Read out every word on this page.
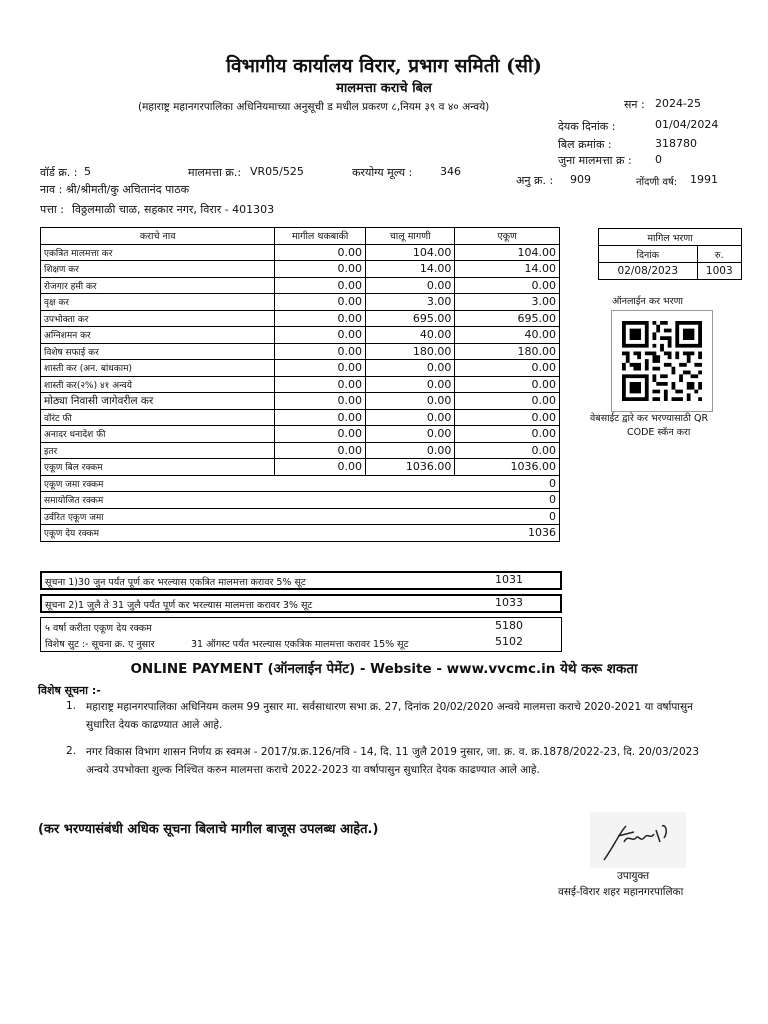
विभागीय कार्यालय विरार, प्रभाग समिती (सी)
मालमत्ता कराचे बिल
(महाराष्ट्र महानगरपालिका अधिनियमाच्या अनुसूची ड मधील प्रकरण ८,नियम ३९ व ४० अन्वये)	सन : 2024-25
देयक दिनांक :	01/04/2024
बिल क्रमांक :	318780
जुना मालमत्ता क्र : 0
वॉर्ड क्र. : 5	मालमत्ता क्र.: VR05/525	करयोग्य मूल्य :	346
अनु क्र. : 909	नोंदणी वर्ष: 1991
नाव : श्री/श्रीमती/कु अचितानंद पाठक
पत्ता : विठ्ठलमाळी चाळ, सहकार नगर, विरार - 401303
कराचे नाव	मागील थकबाकी	चालू मागणी	एकूण
एकत्रित मालमत्ता कर	0.00	104.00	104.00
शिक्षण कर	0.00	14.00	14.00
रोजगार हमी कर	0.00	0.00	0.00
वृक्ष कर	0.00	3.00	3.00
उपभोक्ता कर	0.00	695.00	695.00
अग्निशमन कर	0.00	40.00	40.00
विशेष सफाई कर	0.00	180.00	180.00
शास्ती कर (अन. बांधकाम)	0.00	0.00	0.00
शास्ती कर(२%) ४१ अन्वये	0.00	0.00	0.00
मोठ्या निवासी जागेवरील कर	0.00	0.00	0.00
वॉरंट फी	0.00	0.00	0.00
अनादर धनादेश फी	0.00	0.00	0.00
इतर	0.00	0.00	0.00
एकूण बिल रक्कम	0.00	1036.00	1036.00
एकूण जमा रक्कम			0
समायोजित रक्कम			0
उर्वरित एकूण जमा			0
एकूण देय रक्कम			1036
सूचना 1)30 जुन पर्यंत पूर्ण कर भरल्यास एकत्रित मालमत्ता करावर 5% सूट	1031
सूचना 2)1 जुलै ते 31 जुलै पर्यंत पूर्ण कर भरल्यास मालमत्ता करावर 3% सूट	1033
५ वर्षा करीता एकूण देय रक्कम	5180
विशेष सुट :- सूचना क्र. ए नुसार	31 ऑगस्ट पर्यंत भरल्यास एकत्रिक मालमत्ता करावर 15% सूट	5102
मागिल भरणा	
दिनांक	रु.
02/08/2023	1003
ऑनलाईन कर भरणा
वेबसाईट द्वारे कर भरण्यासाठी QR
CODE स्कॅन करा
ONLINE PAYMENT (ऑनलाईन पेमेंट) - Website - www.vvcmc.in येथे करू शकता
विशेष सूचना :-
1. महाराष्ट्र महानगरपालिका अधिनियम कलम 99 नुसार मा. सर्वसाधारण सभा क्र. 27, दिनांक 20/02/2020 अन्वये मालमत्ता कराचे 2020-2021 या वर्षापासुन सुधारित देयक काढण्यात आले आहे.
2. नगर विकास विभाग शासन निर्णय क्र स्वमअ - 2017/प्र.क्र.126/नवि - 14, दि. 11 जुलै 2019 नुसार, जा. क्र. व. क्र.1878/2022-23, दि. 20/03/2023 अन्वये उपभोक्ता शुल्क निश्चित करुन मालमत्ता कराचे 2022-2023 या वर्षापासुन सुधारित देयक काढण्यात आले आहे.
(कर भरण्यासंबंधी अधिक सूचना बिलाचे मागील बाजूस उपलब्ध आहेत.)
उपायुक्त
वसई-विरार शहर महानगरपालिका
